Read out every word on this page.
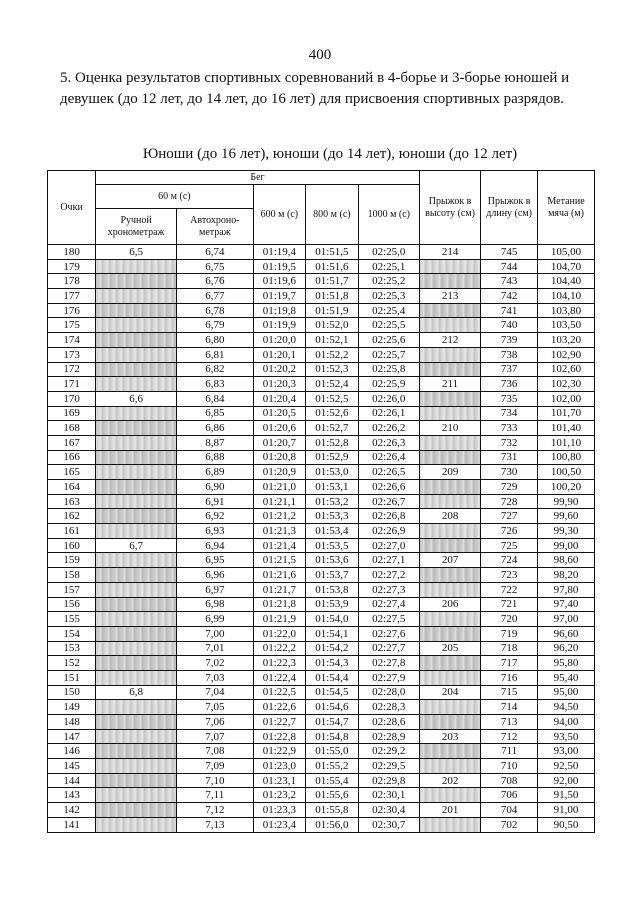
400
5. Оценка результатов спортивных соревнований в 4-борье и 3-борье юношей и девушек (до 12 лет, до 14 лет, до 16 лет) для присвоения спортивных разрядов.
Юноши (до 16 лет), юноши (до 14 лет), юноши (до 12 лет)
Очки	Бег					Прыжок в высоту (см)	Прыжок в длину (см)	Метание мяча (м)
	60 м (с)		600 м (с)	800 м (с)	1000 м (с)			
	Ручной хронометраж	Автохроно-метраж						
180	6,5	6,74	01:19,4	01:51,5	02:25,0	214	745	105,00
179		6,75	01:19,5	01:51,6	02:25,1		744	104,70
178		6,76	01:19,6	01:51,7	02:25,2		743	104,40
177		6,77	01:19,7	01:51,8	02:25,3	213	742	104,10
176		6,78	01:19,8	01:51,9	02:25,4		741	103,80
175		6,79	01:19,9	01:52,0	02:25,5		740	103,50
174		6,80	01:20,0	01:52,1	02:25,6	212	739	103,20
173		6,81	01:20,1	01:52,2	02:25,7		738	102,90
172		6,82	01:20,2	01:52,3	02:25,8		737	102,60
171		6,83	01:20,3	01:52,4	02:25,9	211	736	102,30
170	6,6	6,84	01:20,4	01:52,5	02:26,0		735	102,00
169		6,85	01:20,5	01:52,6	02:26,1		734	101,70
168		6,86	01:20,6	01:52,7	02:26,2	210	733	101,40
167		8,87	01:20,7	01:52,8	02:26,3		732	101,10
166		6,88	01:20,8	01:52,9	02:26,4		731	100,80
165		6,89	01:20,9	01:53,0	02:26,5	209	730	100,50
164		6,90	01:21,0	01:53,1	02:26,6		729	100,20
163		6,91	01:21,1	01:53,2	02:26,7		728	99,90
162		6,92	01:21,2	01:53,3	02:26,8	208	727	99,60
161		6,93	01:21,3	01:53,4	02:26,9		726	99,30
160	6,7	6,94	01:21,4	01:53,5	02:27,0		725	99,00
159		6,95	01:21,5	01:53,6	02:27,1	207	724	98,60
158		6,96	01:21,6	01:53,7	02:27,2		723	98,20
157		6,97	01:21,7	01:53,8	02:27,3		722	97,80
156		6,98	01:21,8	01:53,9	02:27,4	206	721	97,40
155		6,99	01:21,9	01:54,0	02:27,5		720	97,00
154		7,00	01:22,0	01:54,1	02:27,6		719	96,60
153		7,01	01:22,2	01:54,2	02:27,7	205	718	96,20
152		7,02	01:22,3	01:54,3	02:27,8		717	95,80
151		7,03	01:22,4	01:54,4	02:27,9		716	95,40
150	6,8	7,04	01:22,5	01:54,5	02:28,0	204	715	95,00
149		7,05	01:22,6	01:54,6	02:28,3		714	94,50
148		7,06	01:22,7	01:54,7	02:28,6		713	94,00
147		7,07	01:22,8	01:54,8	02:28,9	203	712	93,50
146		7,08	01:22,9	01:55,0	02:29,2		711	93,00
145		7,09	01:23,0	01:55,2	02:29,5		710	92,50
144		7,10	01:23,1	01:55,4	02:29,8	202	708	92,00
143		7,11	01:23,2	01:55,6	02:30,1		706	91,50
142		7,12	01:23,3	01:55,8	02:30,4	201	704	91,00
141		7,13	01:23,4	01:56,0	02:30,7		702	90,50
